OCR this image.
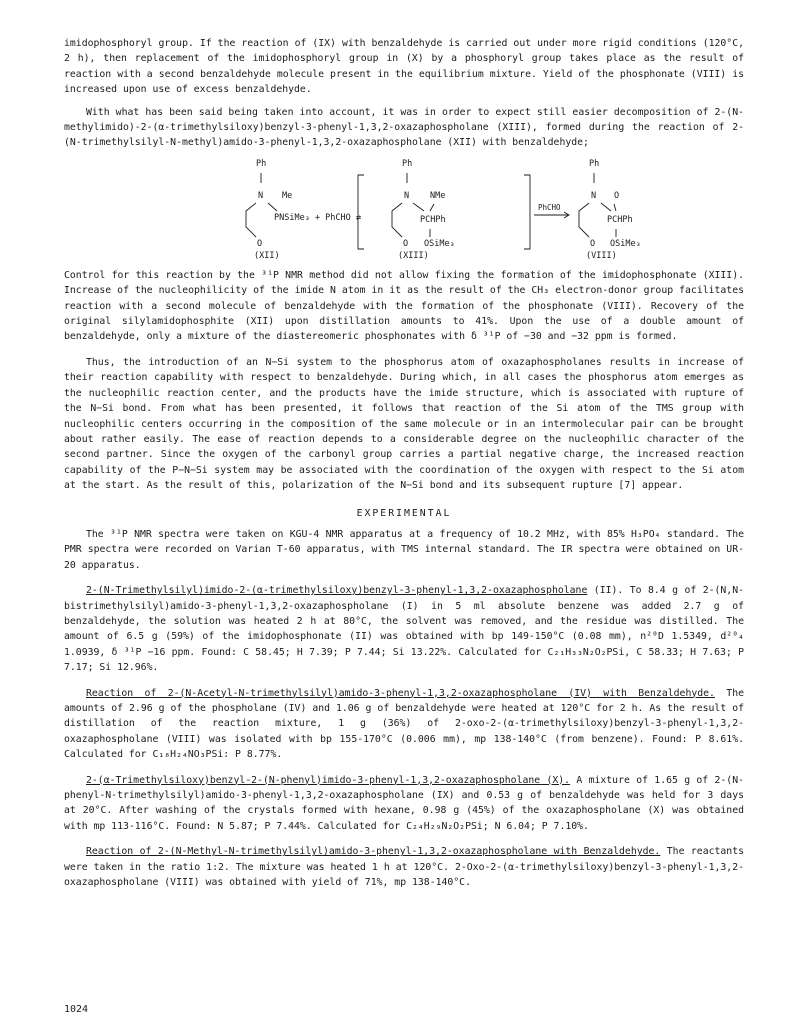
imidophosphoryl group. If the reaction of (IX) with benzaldehyde is carried out under more rigid conditions (120°C, 2 h), then replacement of the imidophosphoryl group in (X) by a phosphoryl group takes place as the result of reaction with a second benzaldehyde molecule present in the equilibrium mixture. Yield of the phosphonate (VIII) is increased upon use of excess benzaldehyde.

With what has been said being taken into account, it was in order to expect still easier decomposition of 2-(N-methylimido)-2-(α-trimethylsiloxy)benzyl-3-phenyl-1,3,2-oxazaphospholane (XIII), formed during the reaction of 2-(N-trimethylsilyl-N-methyl)amido-3-phenyl-1,3,2-oxazaphospholane (XII) with benzaldehyde;

Ph
N Me
PNSiMe₃ + PhCHO ⇄
O
(XII)
Ph
N NMe
PCHPh
OSiMe₃
O
(XIII)
PhCHO
Ph
N O
PCHPh
OSiMe₃
O
(VIII)

Control for this reaction by the ³¹P NMR method did not allow fixing the formation of the imidophosphonate (XIII). Increase of the nucleophilicity of the imide N atom in it as the result of the CH₃ electron-donor group facilitates reaction with a second molecule of benzaldehyde with the formation of the phosphonate (VIII). Recovery of the original silylamidophosphite (XII) upon distillation amounts to 41%. Upon the use of a double amount of benzaldehyde, only a mixture of the diastereomeric phosphonates with δ ³¹P of −30 and −32 ppm is formed.

Thus, the introduction of an N−Si system to the phosphorus atom of oxazaphospholanes results in increase of their reaction capability with respect to benzaldehyde. During which, in all cases the phosphorus atom emerges as the nucleophilic reaction center, and the products have the imide structure, which is associated with rupture of the N−Si bond. From what has been presented, it follows that reaction of the Si atom of the TMS group with nucleophilic centers occurring in the composition of the same molecule or in an intermolecular pair can be brought about rather easily. The ease of reaction depends to a considerable degree on the nucleophilic character of the second partner. Since the oxygen of the carbonyl group carries a partial negative charge, the increased reaction capability of the P−N−Si system may be associated with the coordination of the oxygen with respect to the Si atom at the start. As the result of this, polarization of the N−Si bond and its subsequent rupture [7] appear.

EXPERIMENTAL

The ³¹P NMR spectra were taken on KGU-4 NMR apparatus at a frequency of 10.2 MHz, with 85% H₃PO₄ standard. The PMR spectra were recorded on Varian T-60 apparatus, with TMS internal standard. The IR spectra were obtained on UR-20 apparatus.

2-(N-Trimethylsilyl)imido-2-(α-trimethylsiloxy)benzyl-3-phenyl-1,3,2-oxazaphospholane (II). To 8.4 g of 2-(N,N-bistrimethylsilyl)amido-3-phenyl-1,3,2-oxazaphospholane (I) in 5 ml absolute benzene was added 2.7 g of benzaldehyde, the solution was heated 2 h at 80°C, the solvent was removed, and the residue was distilled. The amount of 6.5 g (59%) of the imidophosphonate (II) was obtained with bp 149-150°C (0.08 mm), n²⁰D 1.5349, d²⁰₄ 1.0939, δ ³¹P −16 ppm. Found: C 58.45; H 7.39; P 7.44; Si 13.22%. Calculated for C₂₁H₃₃N₂O₂PSi, C 58.33; H 7.63; P 7.17; Si 12.96%.

Reaction of 2-(N-Acetyl-N-trimethylsilyl)amido-3-phenyl-1,3,2-oxazaphospholane (IV) with Benzaldehyde. The amounts of 2.96 g of the phospholane (IV) and 1.06 g of benzaldehyde were heated at 120°C for 2 h. As the result of distillation of the reaction mixture, 1 g (36%) of 2-oxo-2-(α-trimethylsiloxy)benzyl-3-phenyl-1,3,2-oxazaphospholane (VIII) was isolated with bp 155-170°C (0.006 mm), mp 138-140°C (from benzene). Found: P 8.61%. Calculated for C₁₈H₂₄NO₃PSi: P 8.77%.

2-(α-Trimethylsiloxy)benzyl-2-(N-phenyl)imido-3-phenyl-1,3,2-oxazaphospholane (X). A mixture of 1.65 g of 2-(N-phenyl-N-trimethylsilyl)amido-3-phenyl-1,3,2-oxazaphospholane (IX) and 0.53 g of benzaldehyde was held for 3 days at 20°C. After washing of the crystals formed with hexane, 0.98 g (45%) of the oxazaphospholane (X) was obtained with mp 113-116°C. Found: N 5.87; P 7.44%. Calculated for C₂₄H₂₉N₂O₂PSi; N 6.04; P 7.10%.

Reaction of 2-(N-Methyl-N-trimethylsilyl)amido-3-phenyl-1,3,2-oxazaphospholane with Benzaldehyde. The reactants were taken in the ratio 1:2. The mixture was heated 1 h at 120°C. 2-Oxo-2-(α-trimethylsiloxy)benzyl-3-phenyl-1,3,2-oxazaphospholane (VIII) was obtained with yield of 71%, mp 138-140°C.

1024
